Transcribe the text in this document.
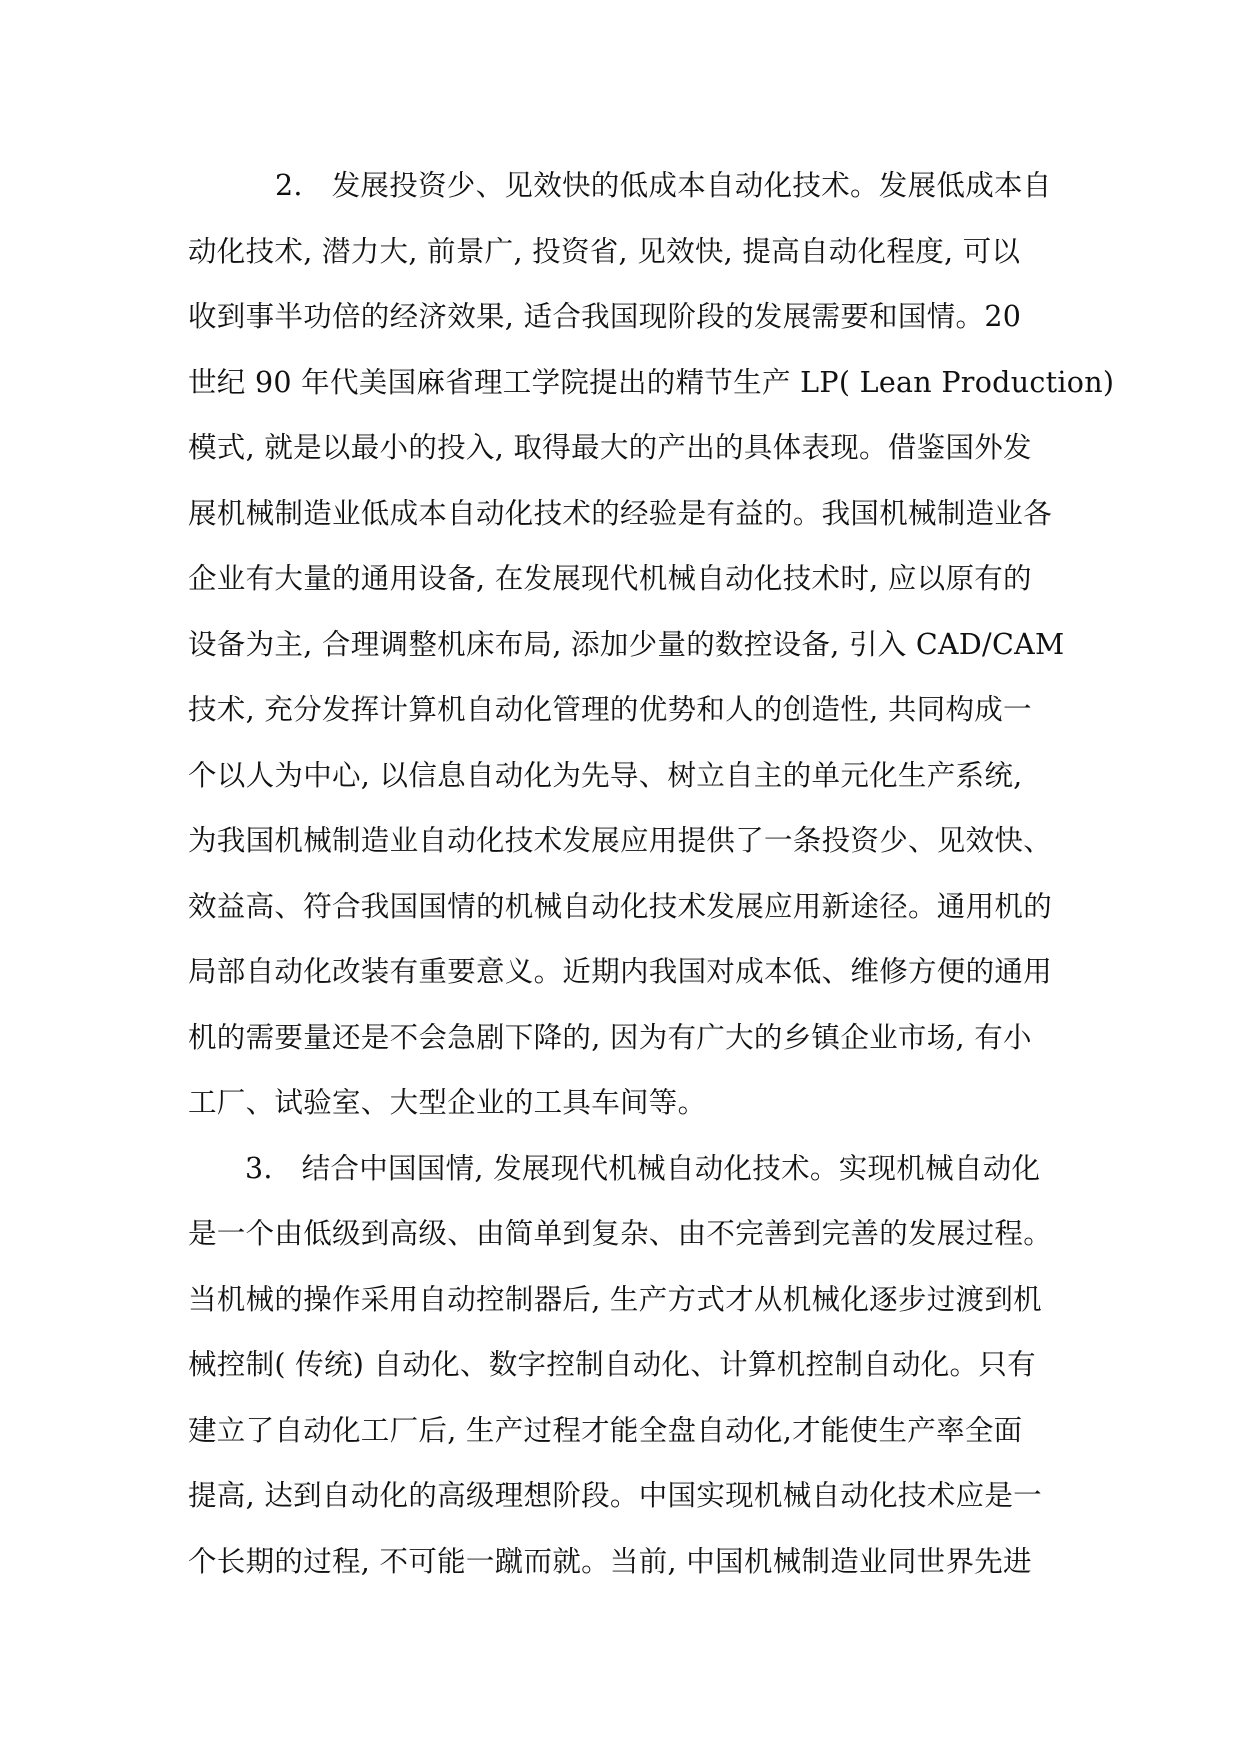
2.　发展投资少、见效快的低成本自动化技术。发展低成本自
动化技术, 潜力大, 前景广, 投资省, 见效快, 提高自动化程度, 可以
收到事半功倍的经济效果, 适合我国现阶段的发展需要和国情。20
世纪 90 年代美国麻省理工学院提出的精节生产 LP( Lean Production)
模式, 就是以最小的投入, 取得最大的产出的具体表现。借鉴国外发
展机械制造业低成本自动化技术的经验是有益的。我国机械制造业各
企业有大量的通用设备, 在发展现代机械自动化技术时, 应以原有的
设备为主, 合理调整机床布局, 添加少量的数控设备, 引入 CAD/CAM
技术, 充分发挥计算机自动化管理的优势和人的创造性, 共同构成一
个以人为中心, 以信息自动化为先导、树立自主的单元化生产系统,
为我国机械制造业自动化技术发展应用提供了一条投资少、见效快、
效益高、符合我国国情的机械自动化技术发展应用新途径。通用机的
局部自动化改装有重要意义。近期内我国对成本低、维修方便的通用
机的需要量还是不会急剧下降的, 因为有广大的乡镇企业市场, 有小
工厂、试验室、大型企业的工具车间等。
3.　结合中国国情, 发展现代机械自动化技术。实现机械自动化
是一个由低级到高级、由简单到复杂、由不完善到完善的发展过程。
当机械的操作采用自动控制器后, 生产方式才从机械化逐步过渡到机
械控制( 传统) 自动化、数字控制自动化、计算机控制自动化。只有
建立了自动化工厂后, 生产过程才能全盘自动化,才能使生产率全面
提高, 达到自动化的高级理想阶段。中国实现机械自动化技术应是一
个长期的过程, 不可能一蹴而就。当前, 中国机械制造业同世界先进
